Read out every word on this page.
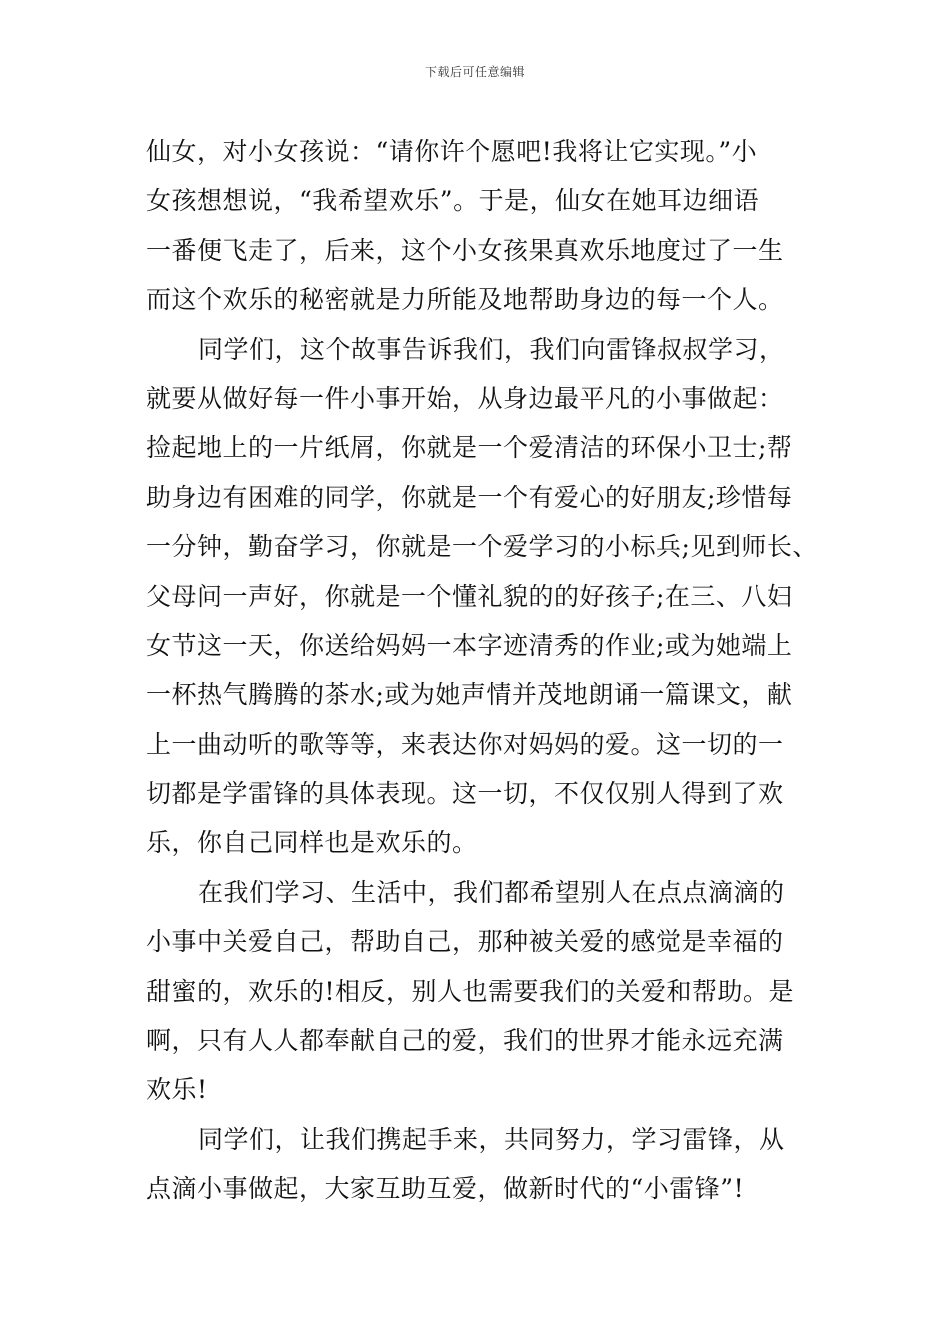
下载后可任意编辑
仙女，对小女孩说：“请你许个愿吧!我将让它实现。”小
女孩想想说，“我希望欢乐”。于是，仙女在她耳边细语
一番便飞走了，后来，这个小女孩果真欢乐地度过了一生
而这个欢乐的秘密就是力所能及地帮助身边的每一个人。
同学们，这个故事告诉我们，我们向雷锋叔叔学习，
就要从做好每一件小事开始，从身边最平凡的小事做起：
捡起地上的一片纸屑，你就是一个爱清洁的环保小卫士;帮
助身边有困难的同学，你就是一个有爱心的好朋友;珍惜每
一分钟，勤奋学习，你就是一个爱学习的小标兵;见到师长、
父母问一声好，你就是一个懂礼貌的的好孩子;在三、八妇
女节这一天，你送给妈妈一本字迹清秀的作业;或为她端上
一杯热气腾腾的茶水;或为她声情并茂地朗诵一篇课文，献
上一曲动听的歌等等，来表达你对妈妈的爱。这一切的一
切都是学雷锋的具体表现。这一切，不仅仅别人得到了欢
乐，你自己同样也是欢乐的。
在我们学习、生活中，我们都希望别人在点点滴滴的
小事中关爱自己，帮助自己，那种被关爱的感觉是幸福的
甜蜜的，欢乐的!相反，别人也需要我们的关爱和帮助。是
啊，只有人人都奉献自己的爱，我们的世界才能永远充满
欢乐!
同学们，让我们携起手来，共同努力，学习雷锋，从
点滴小事做起，大家互助互爱，做新时代的“小雷锋”!
